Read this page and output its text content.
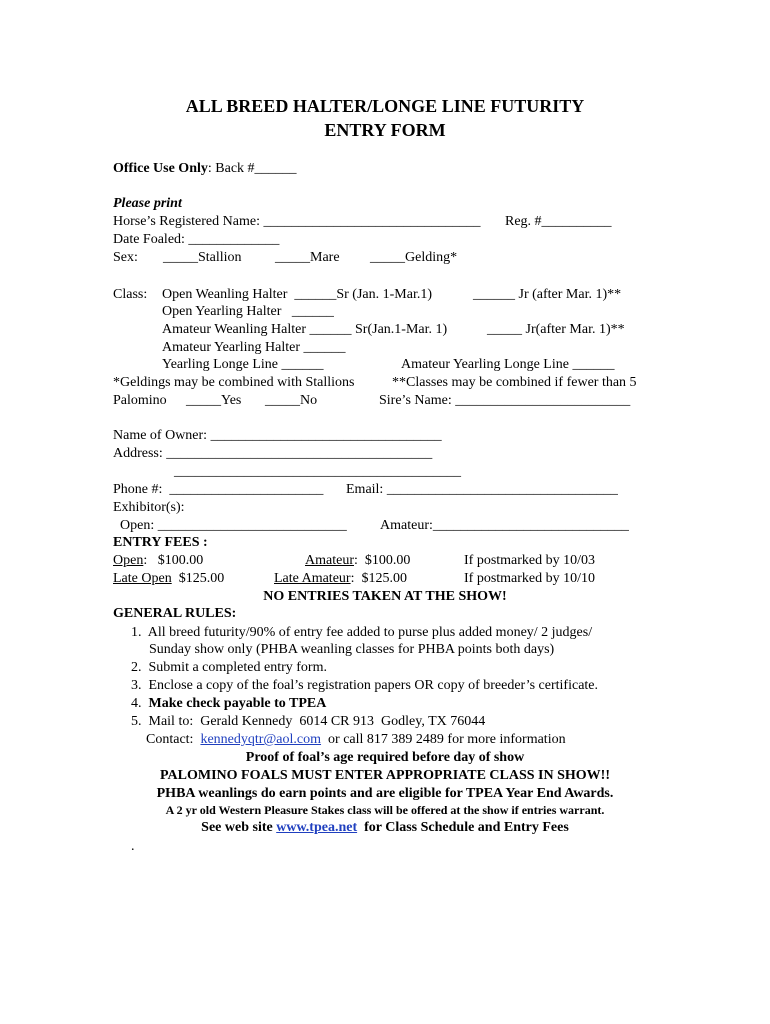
ALL BREED HALTER/LONGE LINE FUTURITY
ENTRY FORM
Office Use Only: Back #______
Please print
Horse’s Registered Name: _______________________________ Reg. #__________
Date Foaled: _____________
Sex: _____Stallion _____Mare _____Gelding*
Class: Open Weanling Halter  ______Sr (Jan. 1-Mar.1)	______ Jr (after Mar. 1)**
Open Yearling Halter   ______
Amateur Weanling Halter ______ Sr(Jan.1-Mar. 1)	_____ Jr(after Mar. 1)**
Amateur Yearling Halter ______
Yearling Longe Line ______	Amateur Yearling Longe Line ______
*Geldings may be combined with Stallions	**Classes may be combined if fewer than 5
Palomino _____Yes _____No	Sire’s Name: _________________________
Name of Owner: _________________________________
Address: ______________________________________
_________________________________________
Phone #:  ______________________ Email: _________________________________
Exhibitor(s):
Open: ___________________________ Amateur:____________________________
ENTRY FEES :
Open:   $100.00	Amateur:  $100.00	If postmarked by 10/03
Late Open  $125.00	Late Amateur:  $125.00	If postmarked by 10/10
NO ENTRIES TAKEN AT THE SHOW!
GENERAL RULES:
1.  All breed futurity/90% of entry fee added to purse plus added money/ 2 judges/
Sunday show only (PHBA weanling classes for PHBA points both days)
2.  Submit a completed entry form.
3.  Enclose a copy of the foal’s registration papers OR copy of breeder’s certificate.
4.  Make check payable to TPEA
5.  Mail to:  Gerald Kennedy  6014 CR 913  Godley, TX 76044
Contact:  kennedyqtr@aol.com  or call 817 389 2489 for more information
Proof of foal’s age required before day of show
PALOMINO FOALS MUST ENTER APPROPRIATE CLASS IN SHOW!!
PHBA weanlings do earn points and are eligible for TPEA Year End Awards.
A 2 yr old Western Pleasure Stakes class will be offered at the show if entries warrant.
See web site www.tpea.net  for Class Schedule and Entry Fees
.
